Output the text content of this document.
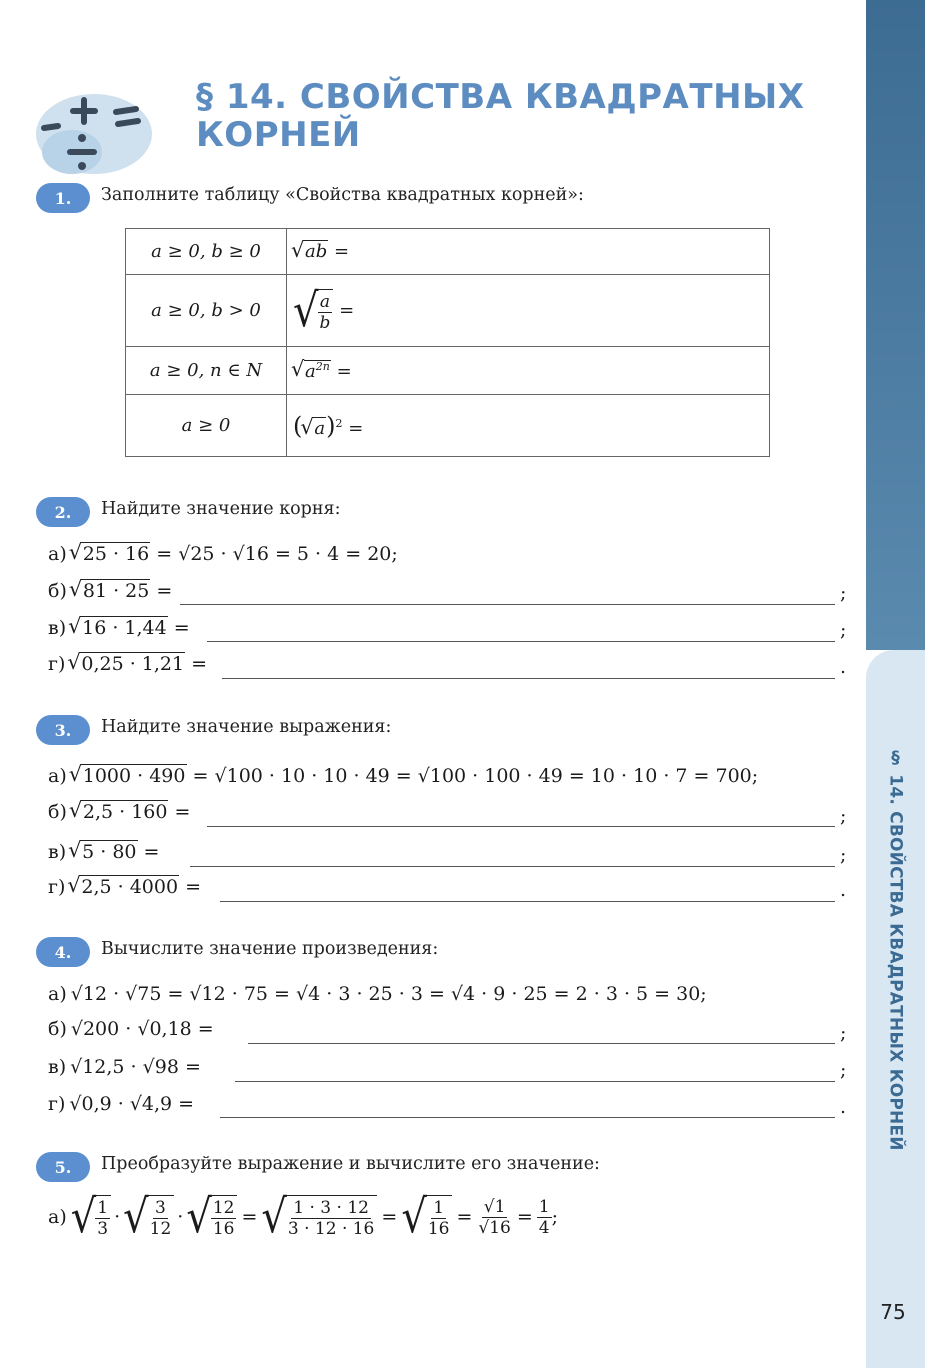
§ 14. СВОЙСТВА КВАДРАТНЫХ КОРНЕЙ
75
§ 14. СВОЙСТВА КВАДРАТНЫХ
КОРНЕЙ
1.	Заполните таблицу «Свойства квадратных корней»:
a ≥ 0, b ≥ 0	√ ab =
a ≥ 0, b > 0	√ $\frac{a}{b}$ =
a ≥ 0, n ∈ N	√ $a^{2n}$ =
a ≥ 0	( √ a)$^2$ =
2.	Найдите значение корня:
а) √ 25 · 16 = √25 · √16 = 5 · 4 = 20;
б) √ 81 · 25 =	;
в) √ 16 · 1,44 =	;
г) √ 0,25 · 1,21 =	.
3.	Найдите значение выражения:
а) √ 1000 · 490 = √100 · 10 · 10 · 49 = √100 · 100 · 49 = 10 · 10 · 7 = 700;
б) √ 2,5 · 160 =	;
в) √ 5 · 80 =	;
г) √ 2,5 · 4000 =	.
4.	Вычислите значение произведения:
а) √12 · √75 = √12 · 75 = √4 · 3 · 25 · 3 = √4 · 9 · 25 = 2 · 3 · 5 = 30;
б) √200 · √0,18 =	;
в) √12,5 · √98 =	;
г) √0,9 · √4,9 =	.
5.	Преобразуйте выражение и вычислите его значение:
а) √ $\frac{1}{3}$ · √ $\frac{3}{12}$ · √ $\frac{12}{16}$ = √ $\frac{1 \cdot 3 \cdot 12}{3 \cdot 12 \cdot 16}$ = √ $\frac{1}{16} = \frac{√1}{√16} = \frac{1}{4}$ ;
